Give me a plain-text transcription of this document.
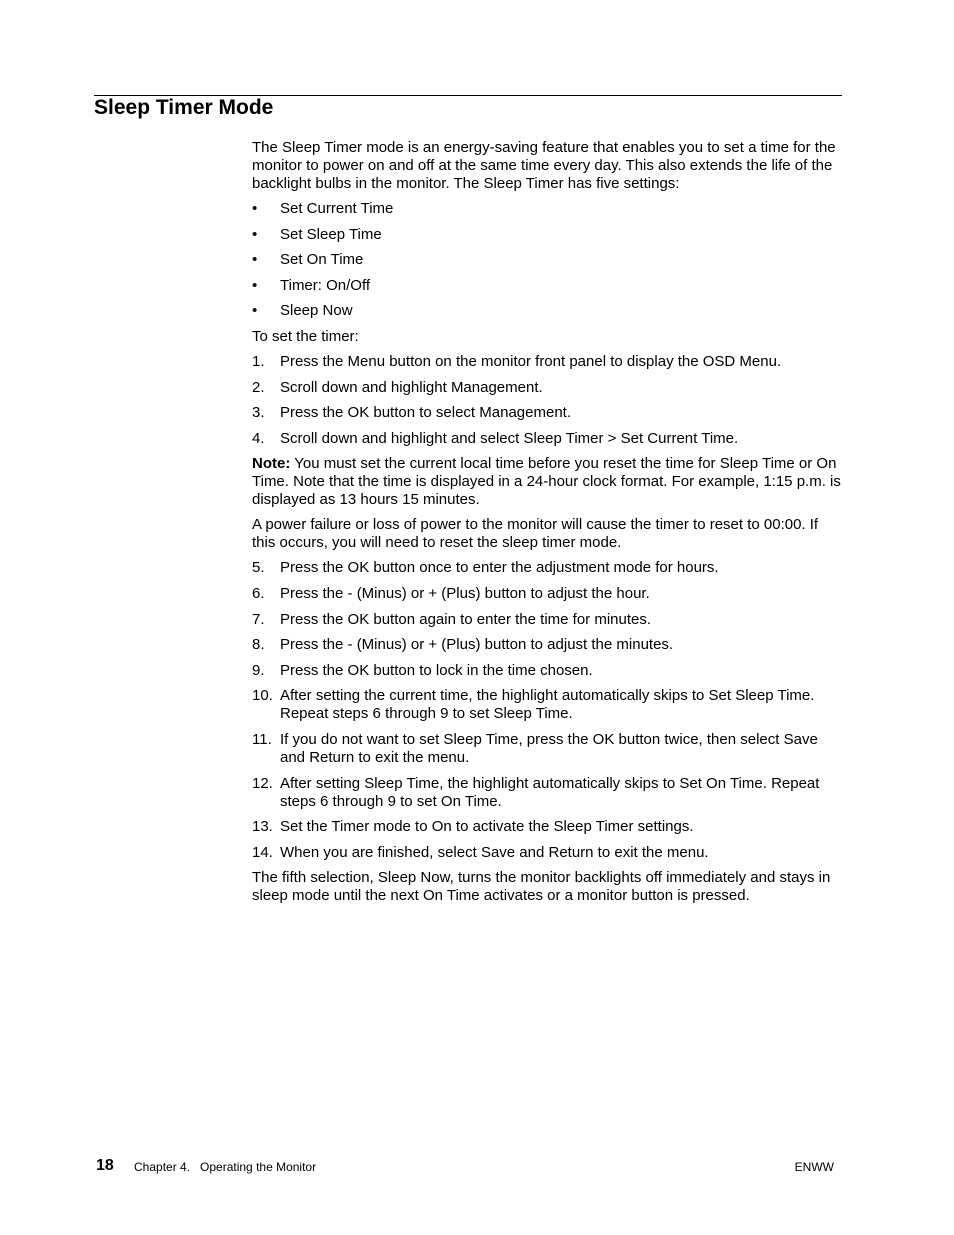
Sleep Timer Mode

The Sleep Timer mode is an energy-saving feature that enables you to set a time for the monitor to power on and off at the same time every day. This also extends the life of the backlight bulbs in the monitor. The Sleep Timer has five settings:

•	Set Current Time
•	Set Sleep Time
•	Set On Time
•	Timer: On/Off
•	Sleep Now

To set the timer:

1.	Press the Menu button on the monitor front panel to display the OSD Menu.
2.	Scroll down and highlight Management.
3.	Press the OK button to select Management.
4.	Scroll down and highlight and select Sleep Timer > Set Current Time.

Note: You must set the current local time before you reset the time for Sleep Time or On Time. Note that the time is displayed in a 24-hour clock format. For example, 1:15 p.m. is displayed as 13 hours 15 minutes.

A power failure or loss of power to the monitor will cause the timer to reset to 00:00. If this occurs, you will need to reset the sleep timer mode.

5.	Press the OK button once to enter the adjustment mode for hours.
6.	Press the - (Minus) or + (Plus) button to adjust the hour.
7.	Press the OK button again to enter the time for minutes.
8.	Press the - (Minus) or + (Plus) button to adjust the minutes.
9.	Press the OK button to lock in the time chosen.
10. After setting the current time, the highlight automatically skips to Set Sleep Time. Repeat steps 6 through 9 to set Sleep Time.
11. If you do not want to set Sleep Time, press the OK button twice, then select Save and Return to exit the menu.
12. After setting Sleep Time, the highlight automatically skips to Set On Time. Repeat steps 6 through 9 to set On Time.
13. Set the Timer mode to On to activate the Sleep Timer settings.
14. When you are finished, select Save and Return to exit the menu.

The fifth selection, Sleep Now, turns the monitor backlights off immediately and stays in sleep mode until the next On Time activates or a monitor button is pressed.

18 Chapter 4.   Operating the Monitor	ENWW
